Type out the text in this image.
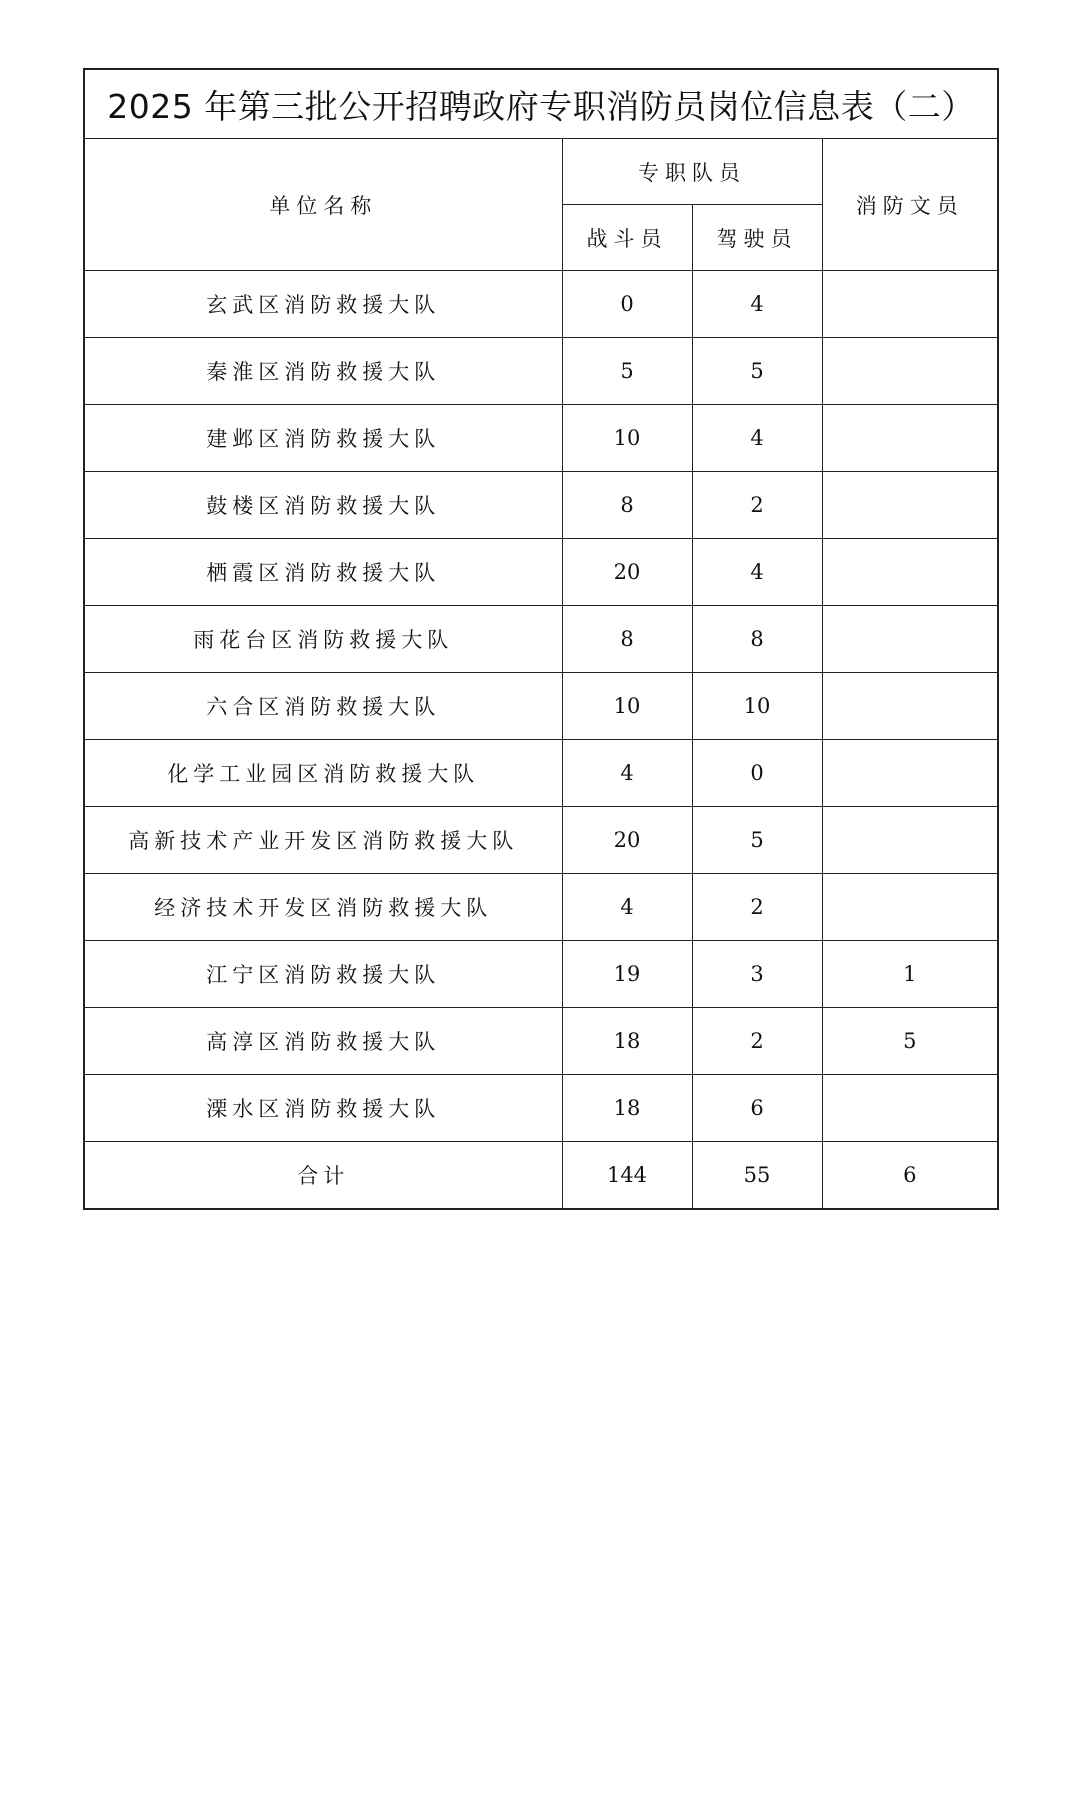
2025 年第三批公开招聘政府专职消防员岗位信息表（二）			
单位名称	专职队员		消防文员
	战斗员	驾驶员	
玄武区消防救援大队	0	4	
秦淮区消防救援大队	5	5	
建邺区消防救援大队	10	4	
鼓楼区消防救援大队	8	2	
栖霞区消防救援大队	20	4	
雨花台区消防救援大队	8	8	
六合区消防救援大队	10	10	
化学工业园区消防救援大队	4	0	
高新技术产业开发区消防救援大队	20	5	
经济技术开发区消防救援大队	4	2	
江宁区消防救援大队	19	3	1
高淳区消防救援大队	18	2	5
溧水区消防救援大队	18	6	
合计	144	55	6
